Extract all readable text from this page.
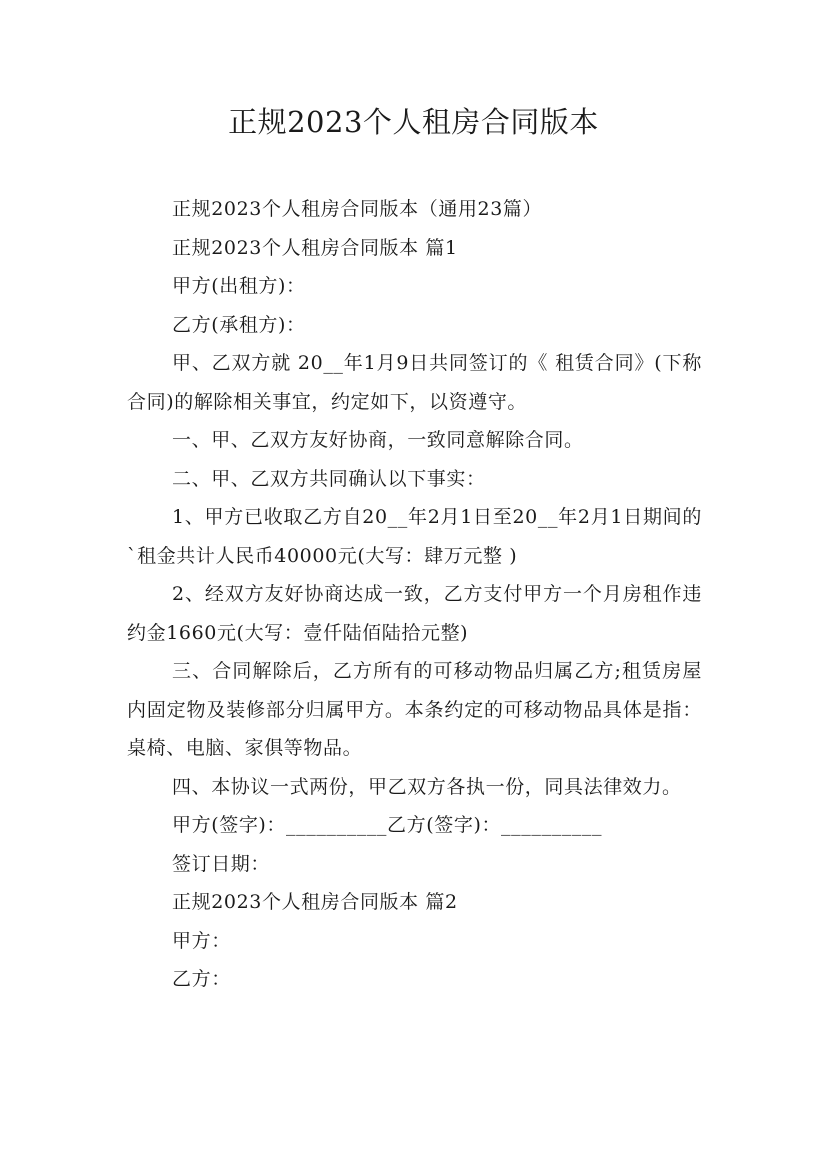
正规2023个人租房合同版本

正规2023个人租房合同版本（通用23篇）

正规2023个人租房合同版本 篇1

甲方(出租方)：

乙方(承租方)：

甲、乙双方就 20__年1月9日共同签订的《 租赁合同》(下称合同)的解除相关事宜，约定如下，以资遵守。

一、甲、乙双方友好协商，一致同意解除合同。

二、甲、乙双方共同确认以下事实：

1、甲方已收取乙方自20__年2月1日至20__年2月1日期间的`租金共计人民币40000元(大写：肆万元整 )

2、经双方友好协商达成一致，乙方支付甲方一个月房租作违约金1660元(大写：壹仟陆佰陆拾元整)

三、合同解除后，乙方所有的可移动物品归属乙方;租赁房屋内固定物及装修部分归属甲方。本条约定的可移动物品具体是指：桌椅、电脑、家俱等物品。

四、本协议一式两份，甲乙双方各执一份，同具法律效力。

甲方(签字)：__________乙方(签字)：__________

签订日期：

正规2023个人租房合同版本 篇2

甲方：

乙方：
